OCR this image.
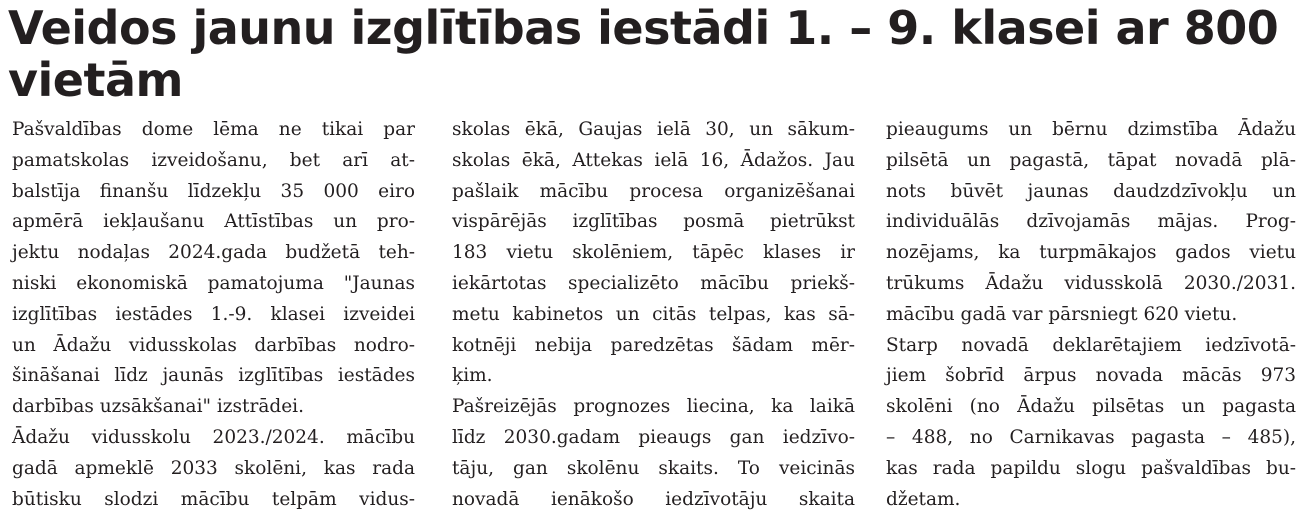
Veidos jaunu izglītības iestādi 1. – 9. klasei ar 800 vietām

Pašvaldības dome lēma ne tikai par
pamatskolas izveidošanu, bet arī at-
balstīja finanšu līdzekļu 35 000 eiro
apmērā iekļaušanu Attīstības un pro-
jektu nodaļas 2024.gada budžetā teh-
niski ekonomiskā pamatojuma "Jaunas
izglītības iestādes 1.-9. klasei izveidei
un Ādažu vidusskolas darbības nodro-
šināšanai līdz jaunās izglītības iestādes
darbības uzsākšanai" izstrādei.

Ādažu vidusskolu 2023./2024. mācību
gadā apmeklē 2033 skolēni, kas rada
būtisku slodzi mācību telpām vidus-

skolas ēkā, Gaujas ielā 30, un sākum-
skolas ēkā, Attekas ielā 16, Ādažos. Jau
pašlaik mācību procesa organizēšanai
vispārējās izglītības posmā pietrūkst
183 vietu skolēniem, tāpēc klases ir
iekārtotas specializēto mācību priekš-
metu kabinetos un citās telpas, kas sā-
kotnēji nebija paredzētas šādam mēr-
ķim.

Pašreizējās prognozes liecina, ka laikā
līdz 2030.gadam pieaugs gan iedzīvo-
tāju, gan skolēnu skaits. To veicinās
novadā ienākošo iedzīvotāju skaita

pieaugums un bērnu dzimstība Ādažu
pilsētā un pagastā, tāpat novadā plā-
nots būvēt jaunas daudzdzīvokļu un
individuālās dzīvojamās mājas. Prog-
nozējams, ka turpmākajos gados vietu
trūkums Ādažu vidusskolā 2030./2031.
mācību gadā var pārsniegt 620 vietu.

Starp novadā deklarētajiem iedzīvotā-
jiem šobrīd ārpus novada mācās 973
skolēni (no Ādažu pilsētas un pagasta
– 488, no Carnikavas pagasta – 485),
kas rada papildu slogu pašvaldības bu-
džetam.
